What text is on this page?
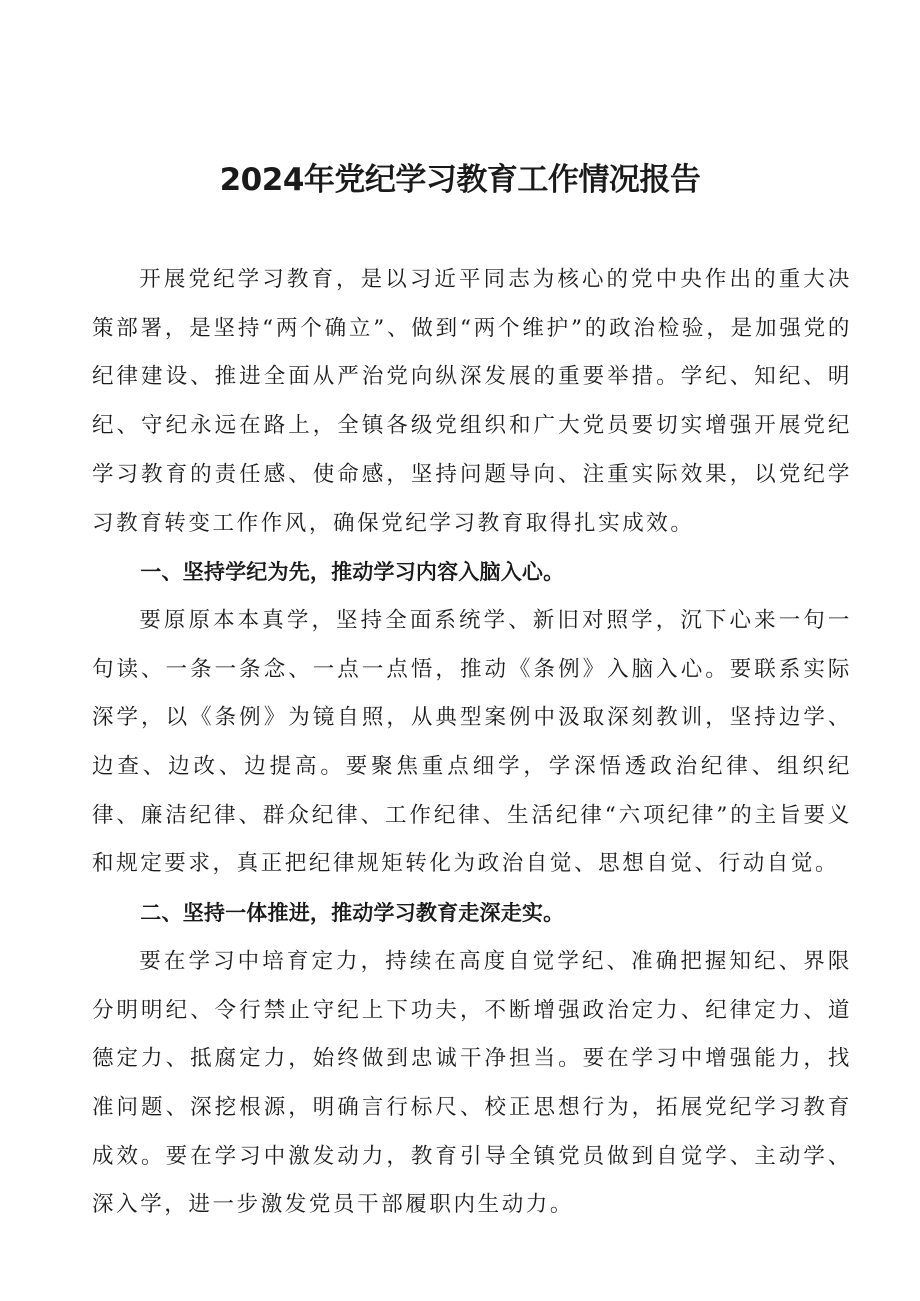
2024年党纪学习教育工作情况报告

开展党纪学习教育，是以习近平同志为核心的党中央作出的重大决策部署，是坚持“两个确立”、做到“两个维护”的政治检验，是加强党的纪律建设、推进全面从严治党向纵深发展的重要举措。学纪、知纪、明纪、守纪永远在路上，全镇各级党组织和广大党员要切实增强开展党纪学习教育的责任感、使命感，坚持问题导向、注重实际效果，以党纪学习教育转变工作作风，确保党纪学习教育取得扎实成效。

一、坚持学纪为先，推动学习内容入脑入心。

要原原本本真学，坚持全面系统学、新旧对照学，沉下心来一句一句读、一条一条念、一点一点悟，推动《条例》入脑入心。要联系实际深学，以《条例》为镜自照，从典型案例中汲取深刻教训，坚持边学、边查、边改、边提高。要聚焦重点细学，学深悟透政治纪律、组织纪律、廉洁纪律、群众纪律、工作纪律、生活纪律“六项纪律”的主旨要义和规定要求，真正把纪律规矩转化为政治自觉、思想自觉、行动自觉。

二、坚持一体推进，推动学习教育走深走实。

要在学习中培育定力，持续在高度自觉学纪、准确把握知纪、界限分明明纪、令行禁止守纪上下功夫，不断增强政治定力、纪律定力、道德定力、抵腐定力，始终做到忠诚干净担当。要在学习中增强能力，找准问题、深挖根源，明确言行标尺、校正思想行为，拓展党纪学习教育成效。要在学习中激发动力，教育引导全镇党员做到自觉学、主动学、深入学，进一步激发党员干部履职内生动力。
